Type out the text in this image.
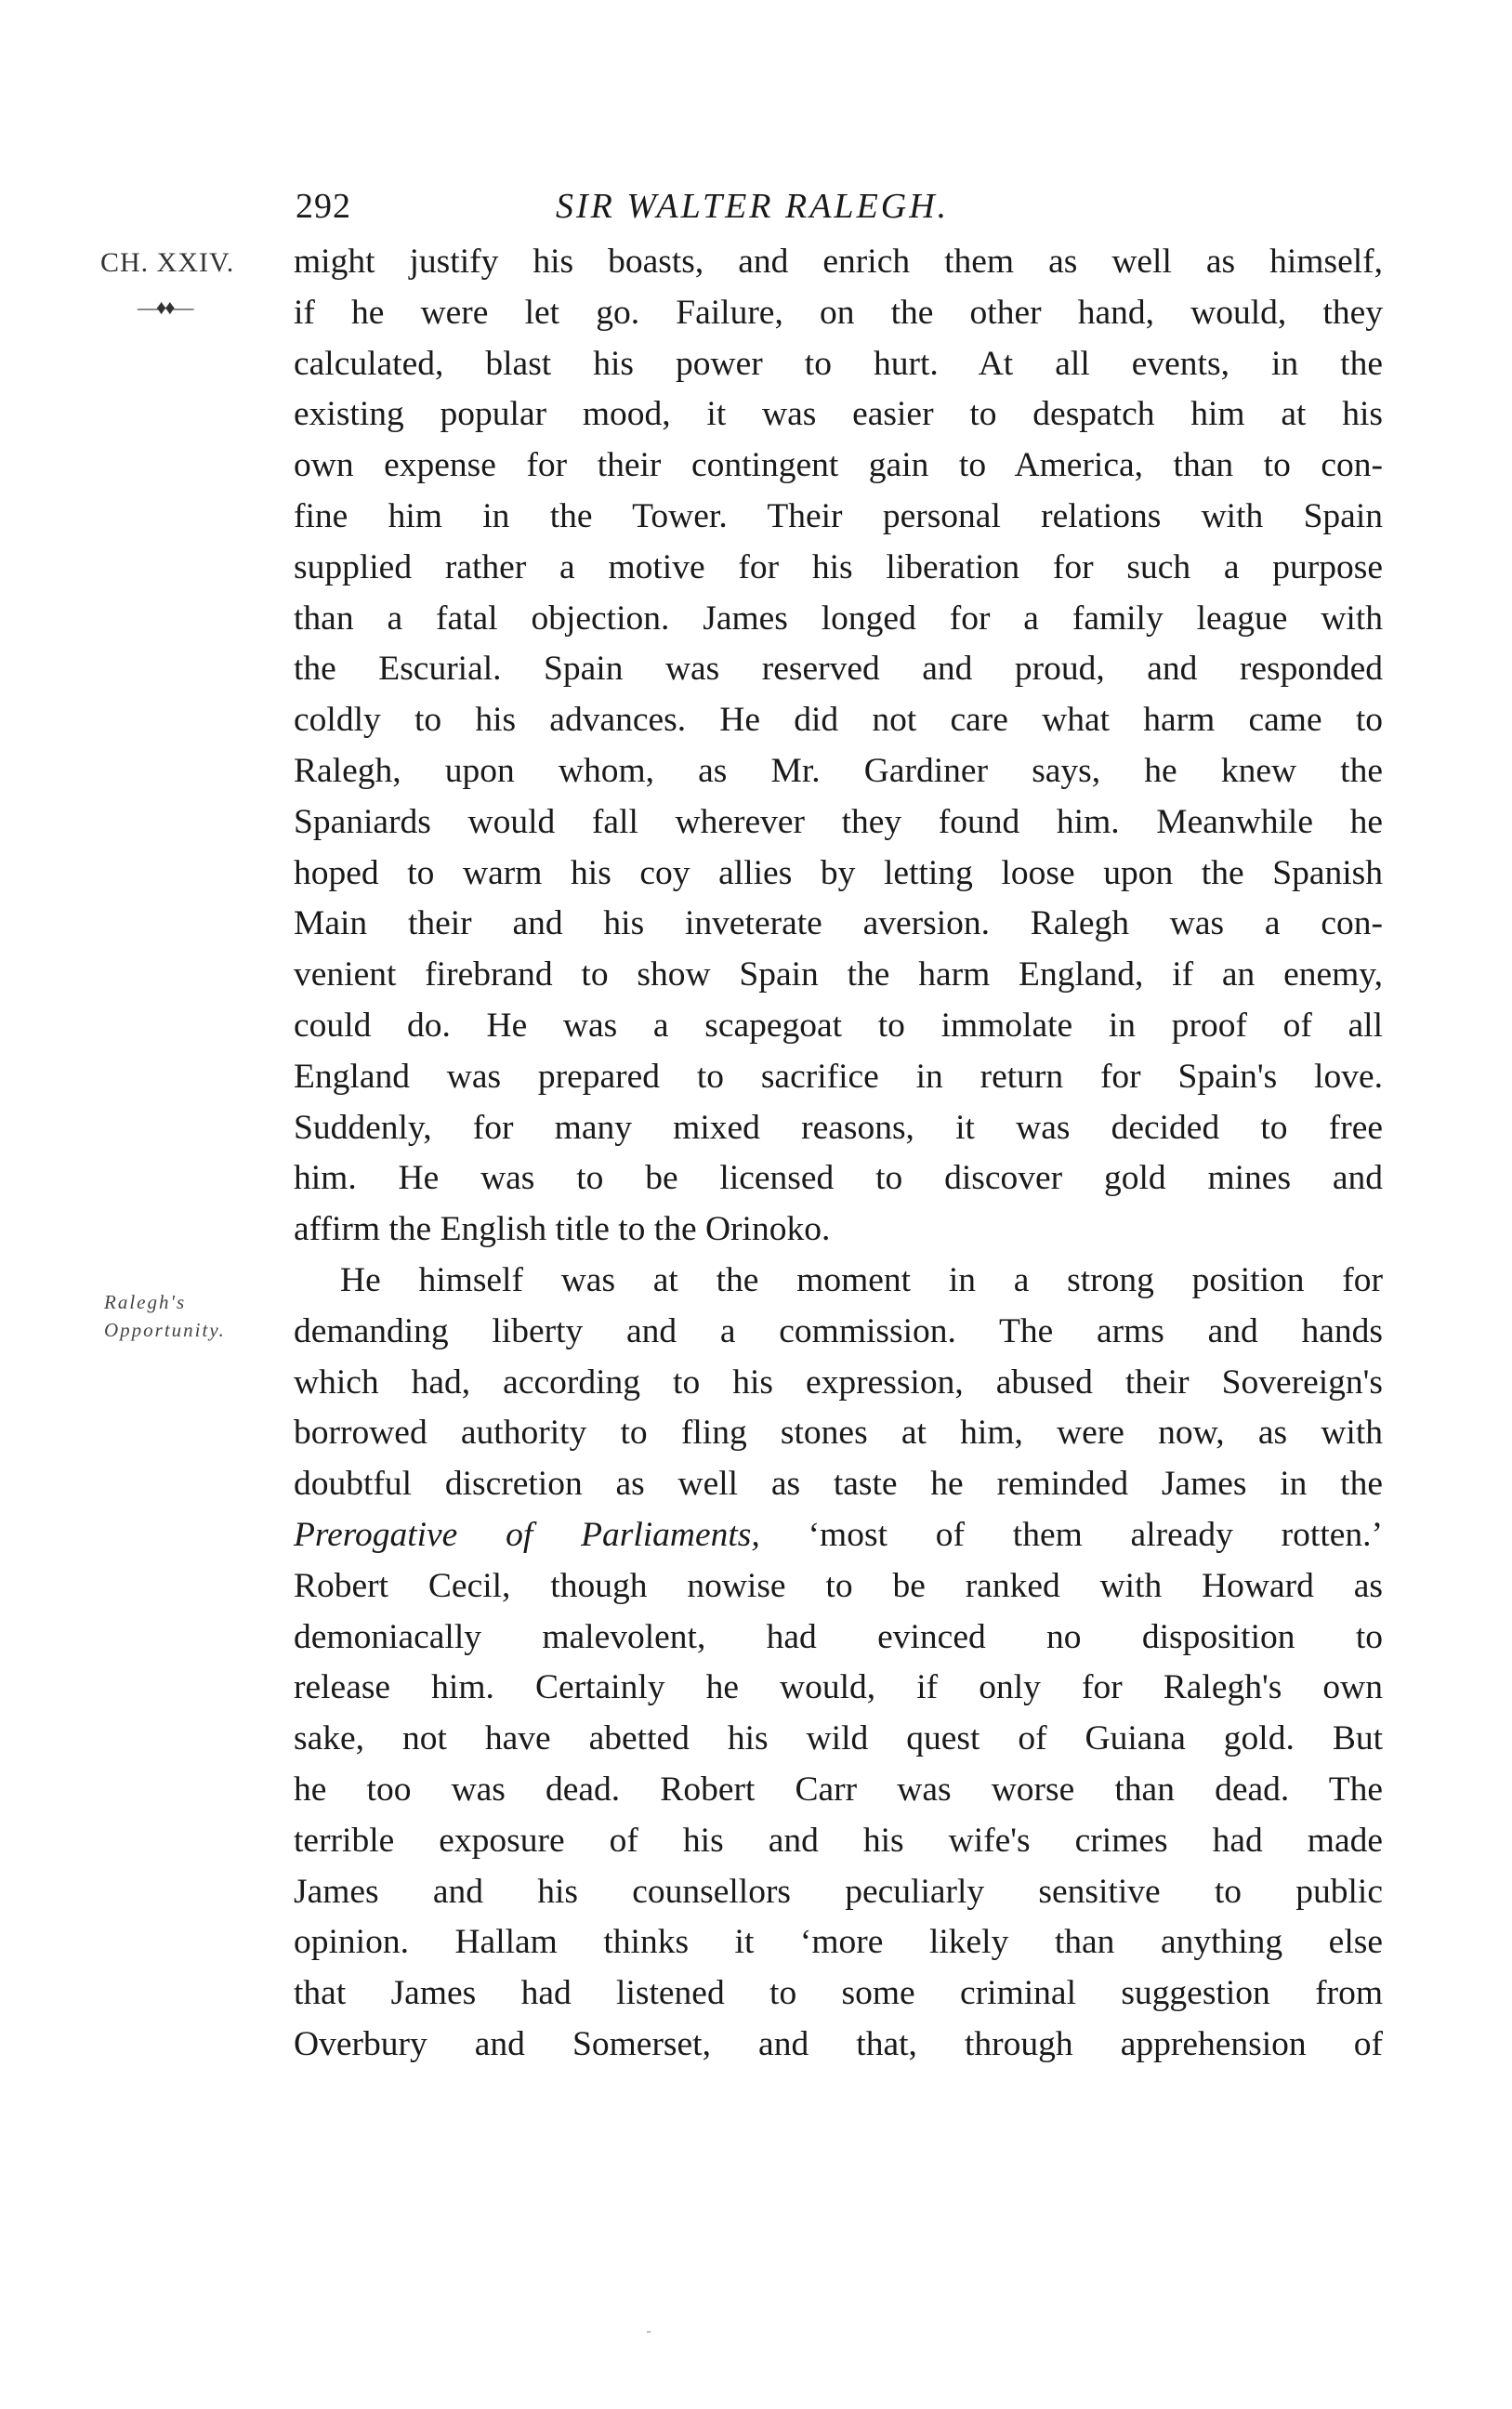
292	SIR WALTER RALEGH.
CH. XXIV.
—♦♦—
Ralegh's
Opportunity.
might justify his boasts, and enrich them as well as himself,
if he were let go. Failure, on the other hand, would, they
calculated, blast his power to hurt. At all events, in the
existing popular mood, it was easier to despatch him at his
own expense for their contingent gain to America, than to con-
fine him in the Tower. Their personal relations with Spain
supplied rather a motive for his liberation for such a purpose
than a fatal objection. James longed for a family league with
the Escurial. Spain was reserved and proud, and responded
coldly to his advances. He did not care what harm came to
Ralegh, upon whom, as Mr. Gardiner says, he knew the
Spaniards would fall wherever they found him. Meanwhile he
hoped to warm his coy allies by letting loose upon the Spanish
Main their and his inveterate aversion. Ralegh was a con-
venient firebrand to show Spain the harm England, if an enemy,
could do. He was a scapegoat to immolate in proof of all
England was prepared to sacrifice in return for Spain's love.
Suddenly, for many mixed reasons, it was decided to free
him. He was to be licensed to discover gold mines and
affirm the English title to the Orinoko.
He himself was at the moment in a strong position for
demanding liberty and a commission. The arms and hands
which had, according to his expression, abused their Sovereign's
borrowed authority to fling stones at him, were now, as with
doubtful discretion as well as taste he reminded James in the
Prerogative of Parliaments, ‘most of them already rotten.’
Robert Cecil, though nowise to be ranked with Howard as
demoniacally malevolent, had evinced no disposition to
release him. Certainly he would, if only for Ralegh's own
sake, not have abetted his wild quest of Guiana gold. But
he too was dead. Robert Carr was worse than dead. The
terrible exposure of his and his wife's crimes had made
James and his counsellors peculiarly sensitive to public
opinion. Hallam thinks it ‘more likely than anything else
that James had listened to some criminal suggestion from
Overbury and Somerset, and that, through apprehension of
